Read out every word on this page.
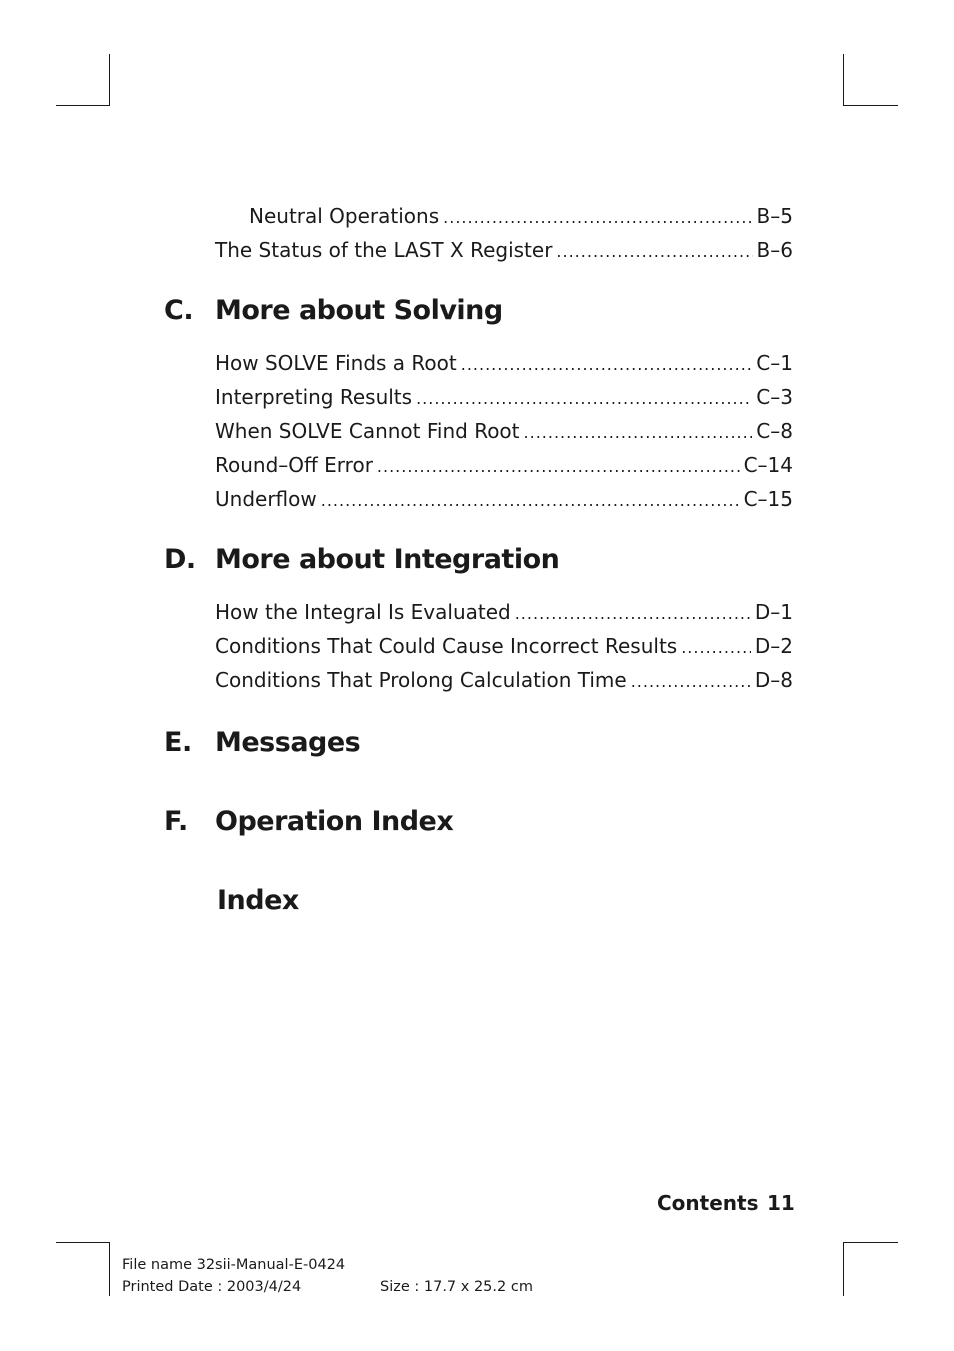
Neutral Operations .....	B–5
The Status of the LAST X Register .....	B–6
C. More about Solving
How SOLVE Finds a Root .....	C–1
Interpreting Results .....	C–3
When SOLVE Cannot Find Root .....	C–8
Round–Off Error .....	C–14
Underflow .....	C–15
D. More about Integration
How the Integral Is Evaluated .....	D–1
Conditions That Could Cause Incorrect Results .....	D–2
Conditions That Prolong Calculation Time .....	D–8
E. Messages
F. Operation Index
Index
Contents 11
File name 32sii-Manual-E-0424
Printed Date : 2003/4/24	Size : 17.7 x 25.2 cm
